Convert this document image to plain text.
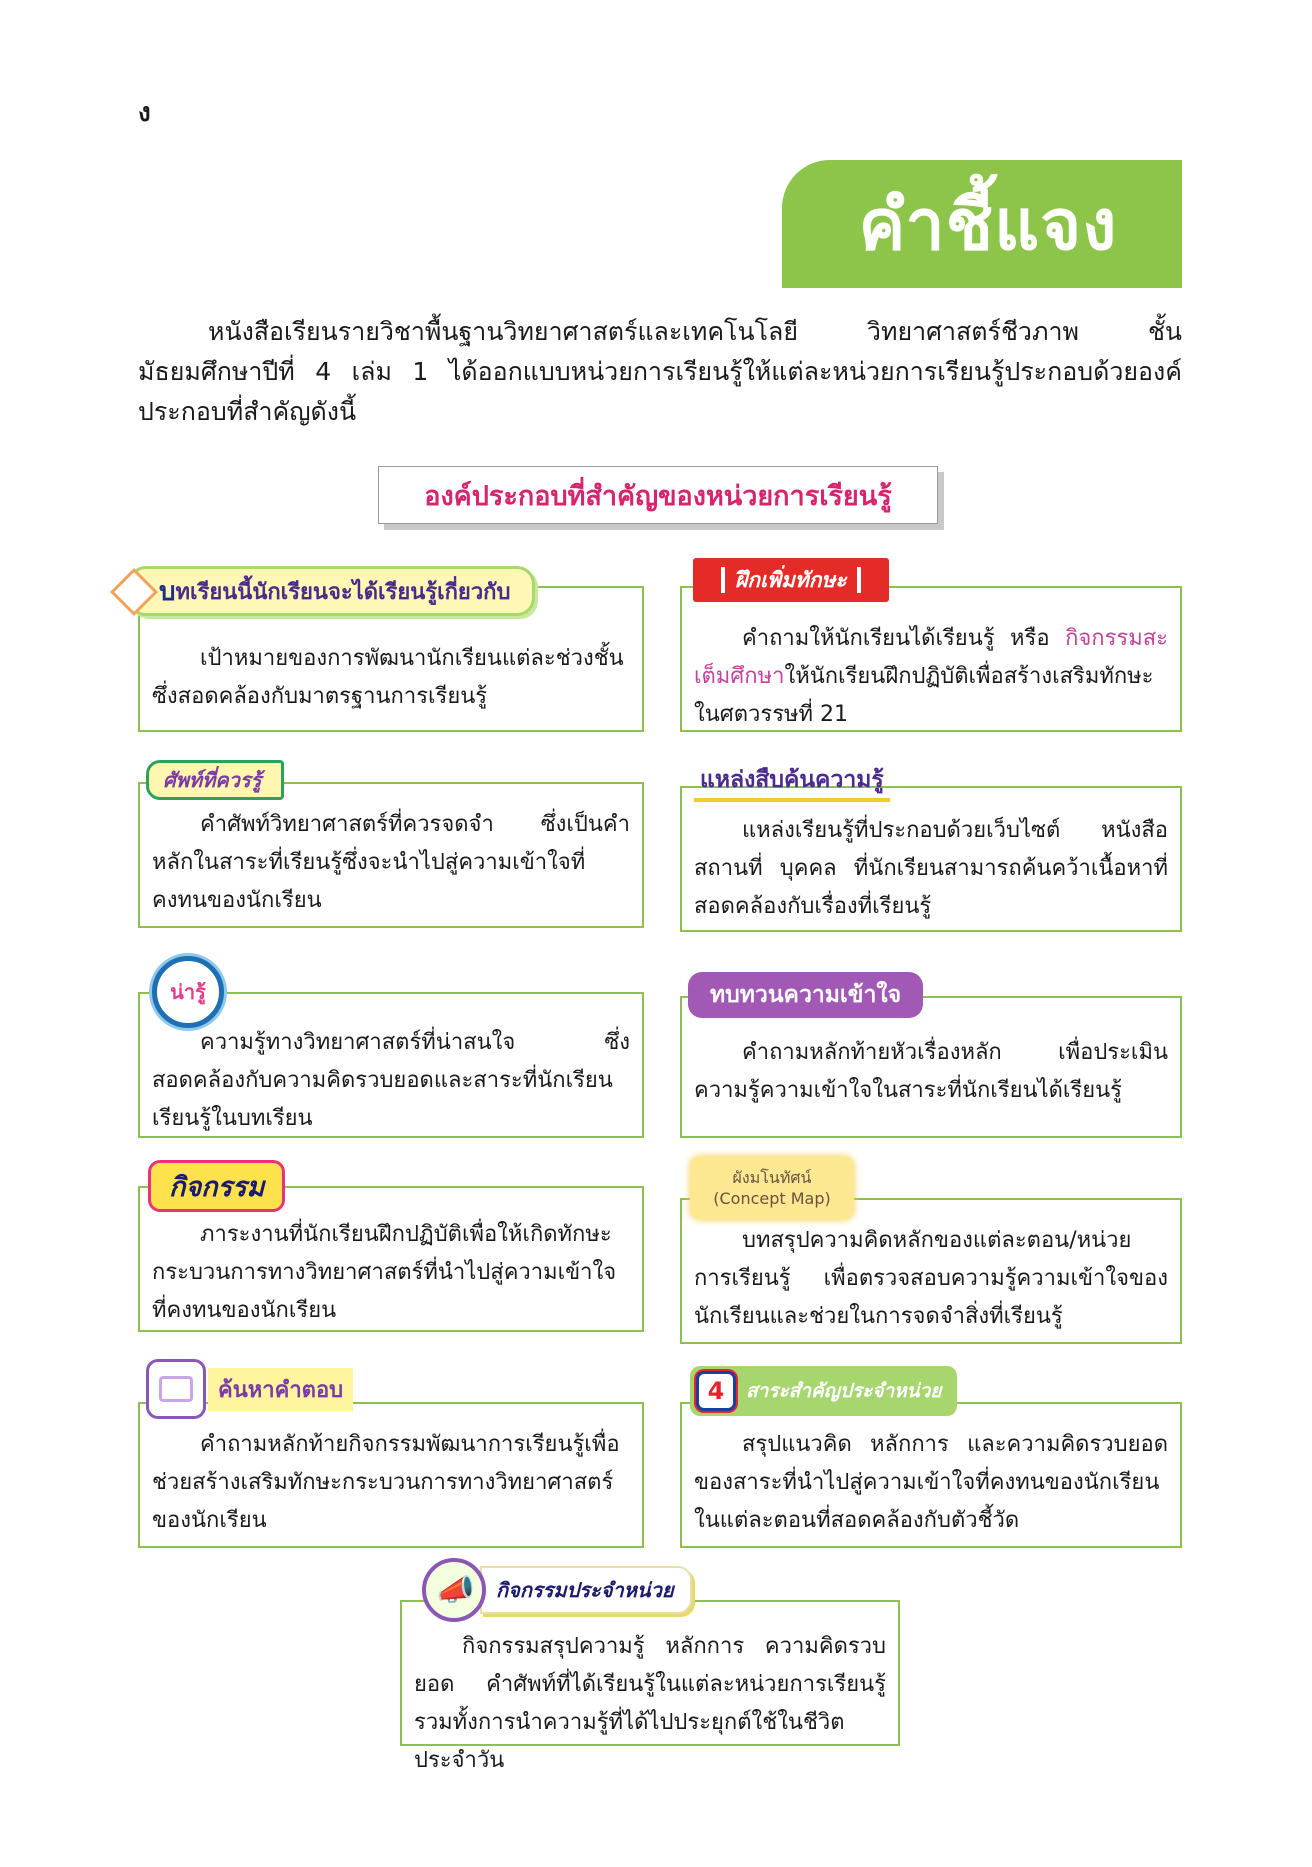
ง
คำชี้แจง

หนังสือเรียนรายวิชาพื้นฐานวิทยาศาสตร์และเทคโนโลยี วิทยาศาสตร์ชีวภาพ ชั้นมัธยมศึกษาปีที่ 4 เล่ม 1 ได้ออกแบบหน่วยการเรียนรู้ให้แต่ละหน่วยการเรียนรู้ประกอบด้วยองค์ประกอบที่สำคัญดังนี้

องค์ประกอบที่สำคัญของหน่วยการเรียนรู้

เป้าหมายของการพัฒนานักเรียนแต่ละช่วงชั้น ซึ่งสอดคล้องกับมาตรฐานการเรียนรู้

บ ทเรียนนี้นักเรียนจะได้เรียนรู้เกี่ยวกับ

คำศัพท์วิทยาศาสตร์ที่ควรจดจำ ซึ่งเป็นคำหลักในสาระที่เรียนรู้ซึ่งจะนำไปสู่ความเข้าใจที่คงทนของนักเรียน

ศัพท์ที่ควรรู้

ความรู้ทางวิทยาศาสตร์ที่น่าสนใจ ซึ่งสอดคล้องกับความคิดรวบยอดและสาระที่นักเรียนเรียนรู้ในบทเรียน

น่ารู้

ภาระงานที่นักเรียนฝึกปฏิบัติเพื่อให้เกิดทักษะกระบวนการทางวิทยาศาสตร์ที่นำไปสู่ความเข้าใจที่คงทนของนักเรียน

กิจกรรม

คำถามหลักท้ายกิจกรรมพัฒนาการเรียนรู้เพื่อช่วยสร้างเสริมทักษะกระบวนการทางวิทยาศาสตร์ของนักเรียน

ค้นหาคำตอบ

คำถามให้นักเรียนได้เรียนรู้ หรือ กิจกรรมสะเต็มศึกษาให้นักเรียนฝึกปฏิบัติเพื่อสร้างเสริมทักษะในศตวรรษที่ 21

ฝึกเพิ่มทักษะ

แหล่งเรียนรู้ที่ประกอบด้วยเว็บไซต์ หนังสือ สถานที่ บุคคล ที่นักเรียนสามารถค้นคว้าเนื้อหาที่สอดคล้องกับเรื่องที่เรียนรู้

แหล่งสืบค้นความรู้

คำถามหลักท้ายหัวเรื่องหลัก เพื่อประเมินความรู้ความเข้าใจในสาระที่นักเรียนได้เรียนรู้

ทบทวนความเข้าใจ

บทสรุปความคิดหลักของแต่ละตอน/หน่วยการเรียนรู้ เพื่อตรวจสอบความรู้ความเข้าใจของนักเรียนและช่วยในการจดจำสิ่งที่เรียนรู้

ผังมโนทัศน์
(Concept Map)

สรุปแนวคิด หลักการ และความคิดรวบยอดของสาระที่นำไปสู่ความเข้าใจที่คงทนของนักเรียนในแต่ละตอนที่สอดคล้องกับตัวชี้วัด

4	สาระสำคัญประจำหน่วย

กิจกรรมสรุปความรู้ หลักการ ความคิดรวบยอด คำศัพท์ที่ได้เรียนรู้ในแต่ละหน่วยการเรียนรู้ รวมทั้งการนำความรู้ที่ได้ไปประยุกต์ใช้ในชีวิตประจำวัน

📣	กิจกรรมประจำหน่วย
